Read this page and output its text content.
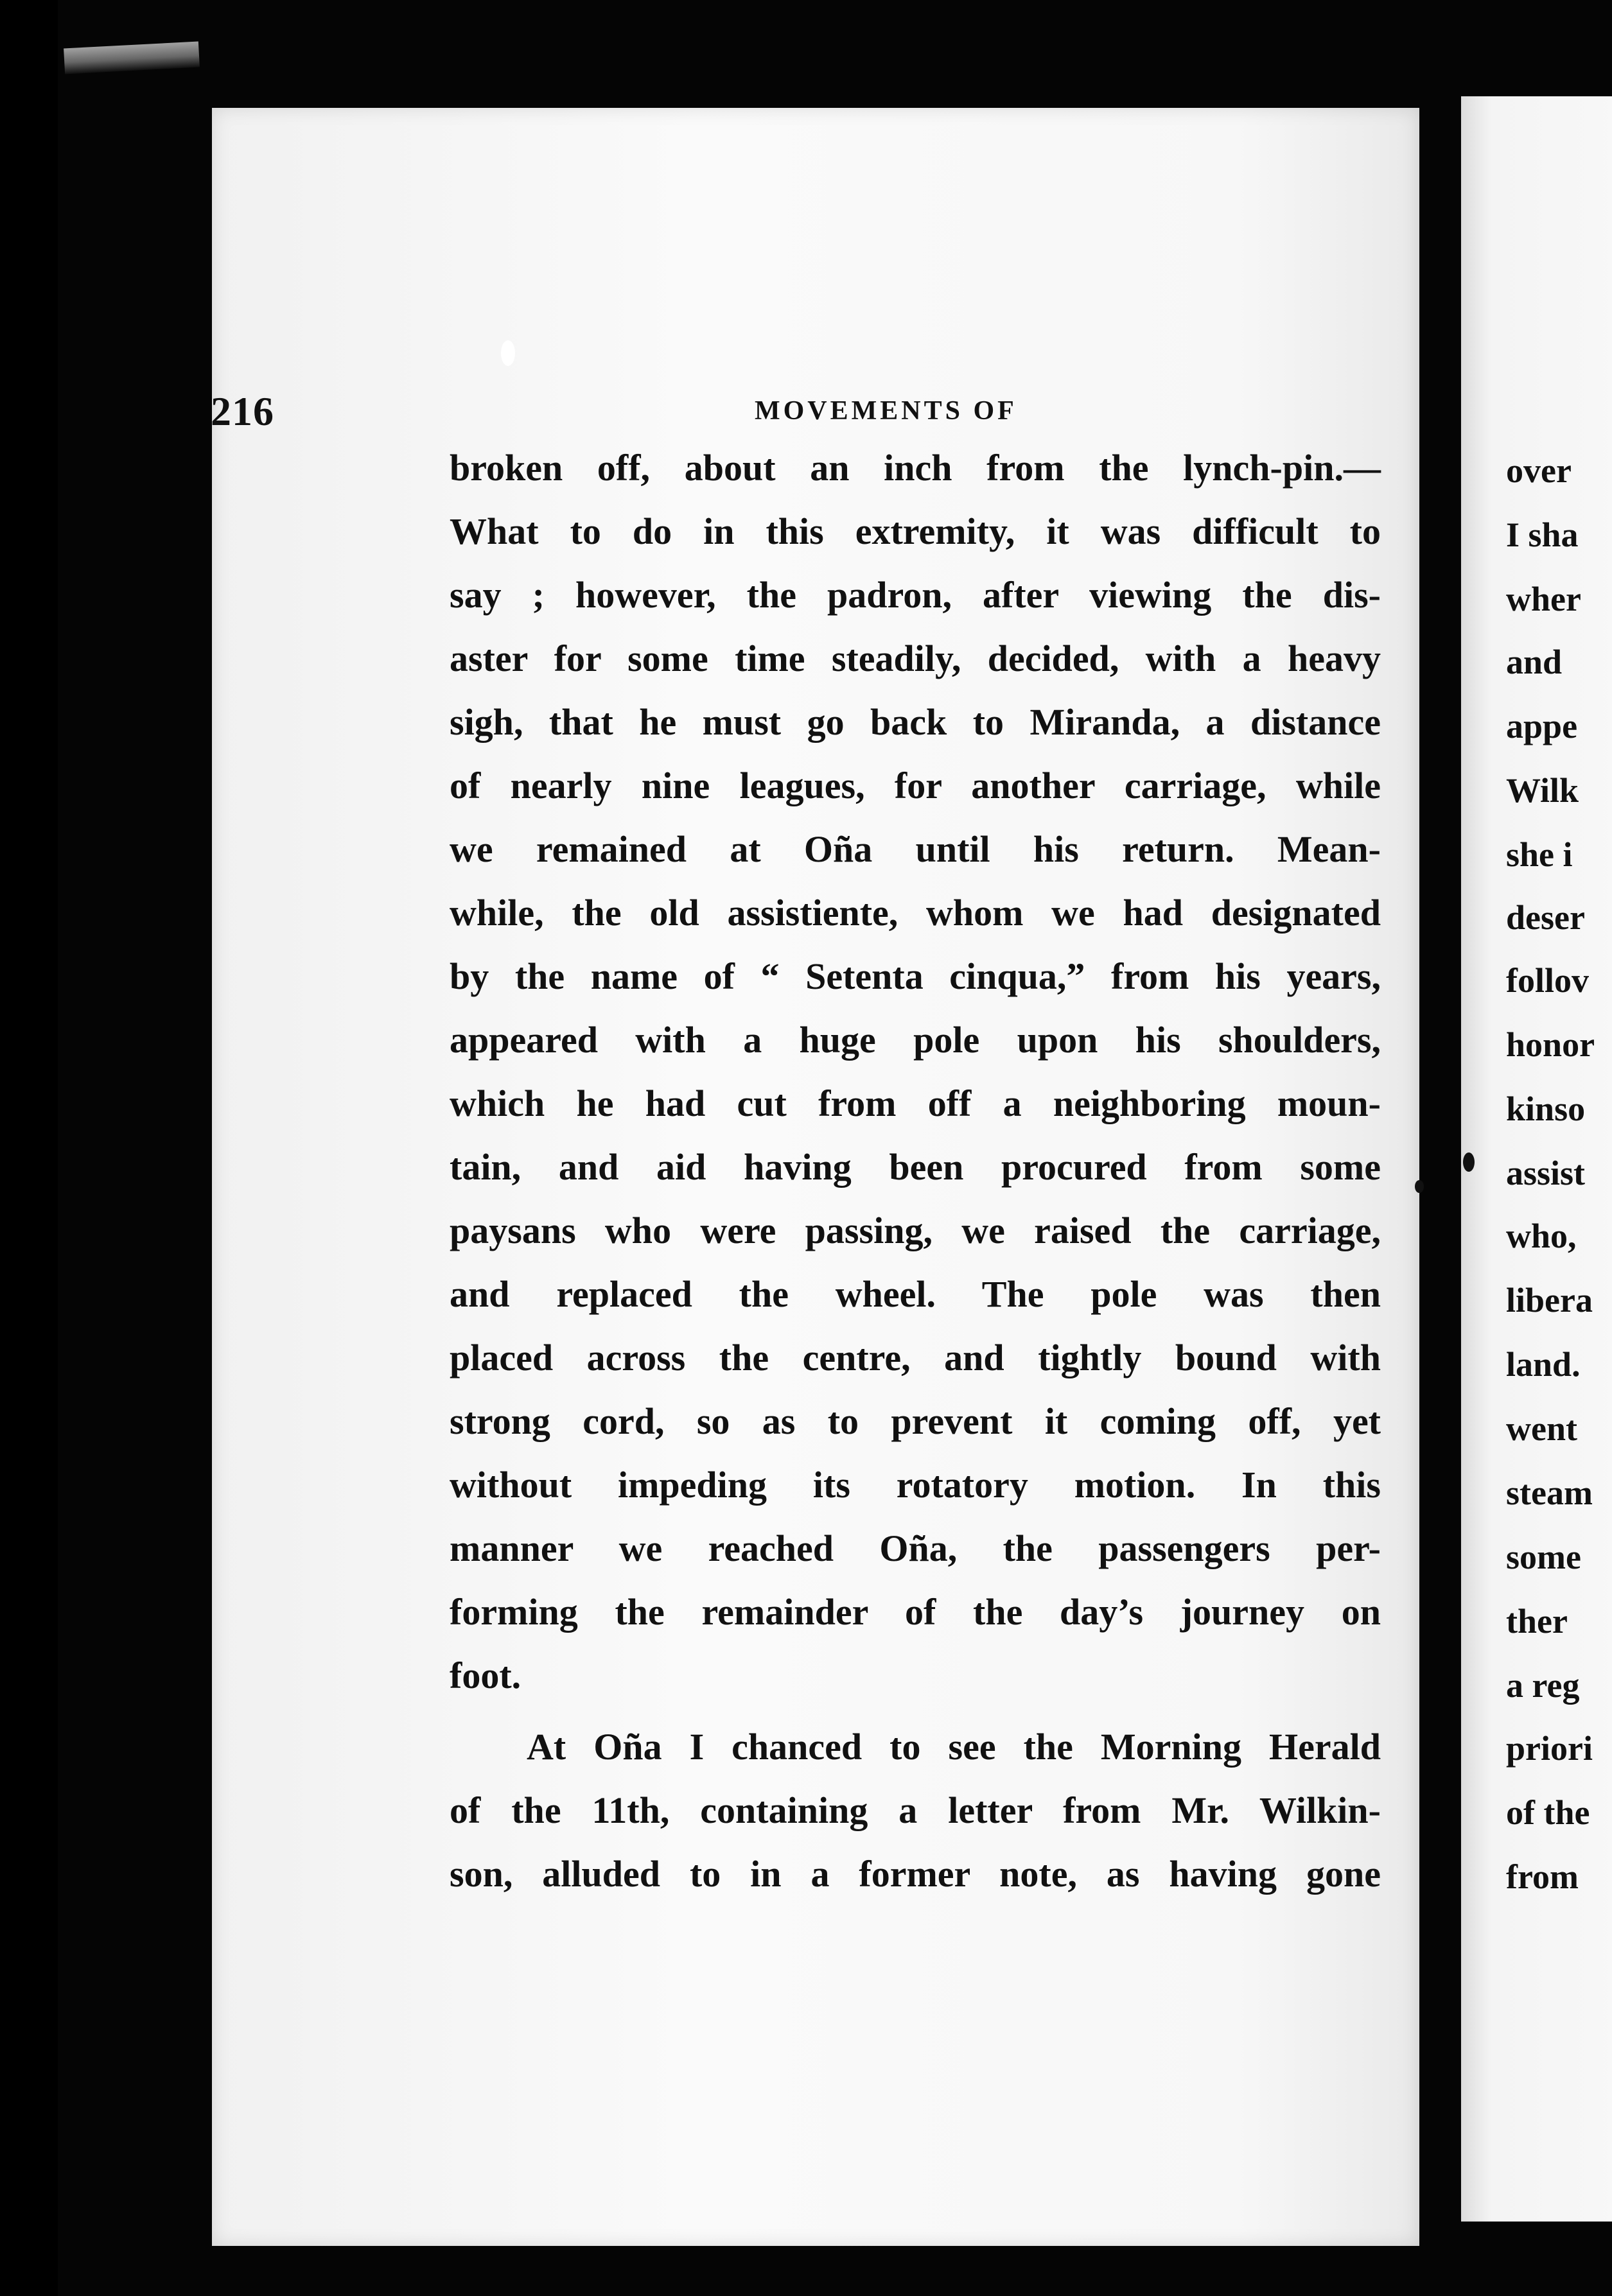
216	MOVEMENTS OF
broken off, about an inch from the lynch-pin.—
What to do in this extremity, it was difficult to
say ; however, the padron, after viewing the dis-
aster for some time steadily, decided, with a heavy
sigh, that he must go back to Miranda, a distance
of nearly nine leagues, for another carriage, while
we remained at Oña until his return. Mean-
while, the old assistiente, whom we had designated
by the name of “ Setenta cinqua,” from his years,
appeared with a huge pole upon his shoulders,
which he had cut from off a neighboring moun-
tain, and aid having been procured from some
paysans who were passing, we raised the carriage,
and replaced the wheel. The pole was then
placed across the centre, and tightly bound with
strong cord, so as to prevent it coming off, yet
without impeding its rotatory motion. In this
manner we reached Oña, the passengers per-
forming the remainder of the day’s journey on
foot.
At Oña I chanced to see the Morning Herald
of the 11th, containing a letter from Mr. Wilkin-
son, alluded to in a former note, as having gone
over
I sha
wher
and
appe
Wilk
she i
deser
follov
honor
kinso
assist
who,
libera
land.
went
steam
some
ther
a reg
priori
of the
from
